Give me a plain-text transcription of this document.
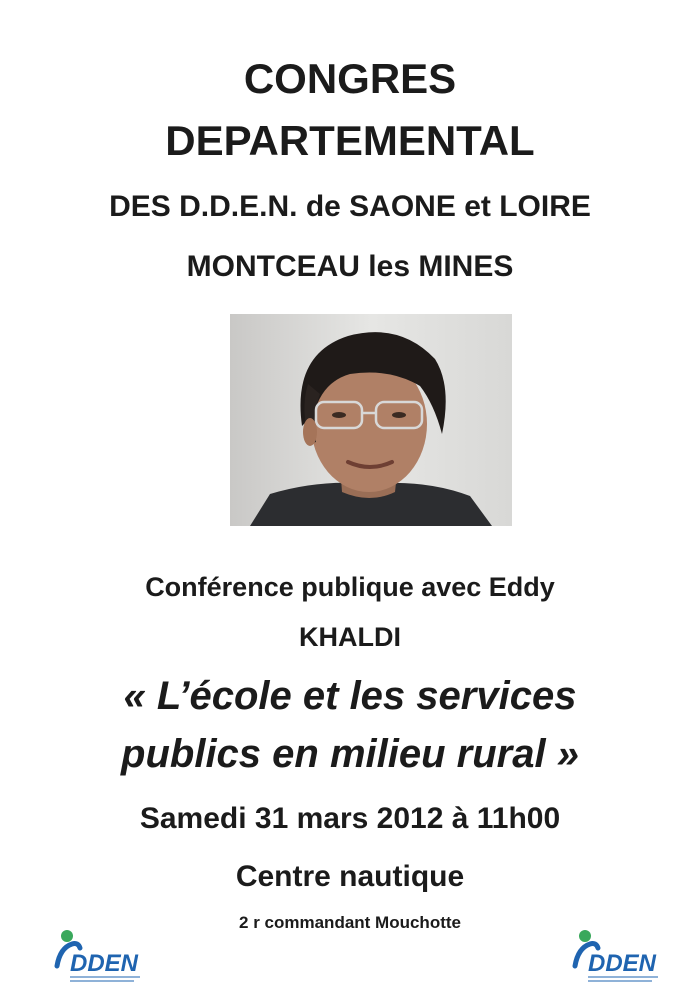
CONGRES
DEPARTEMENTAL
DES D.D.E.N. de SAONE et LOIRE
MONTCEAU les MINES
Conférence publique avec Eddy
KHALDI
« L’école et les services
publics en milieu rural »
Samedi 31 mars 2012 à 11h00
Centre nautique
2 r commandant Mouchotte
DDEN	DDEN
